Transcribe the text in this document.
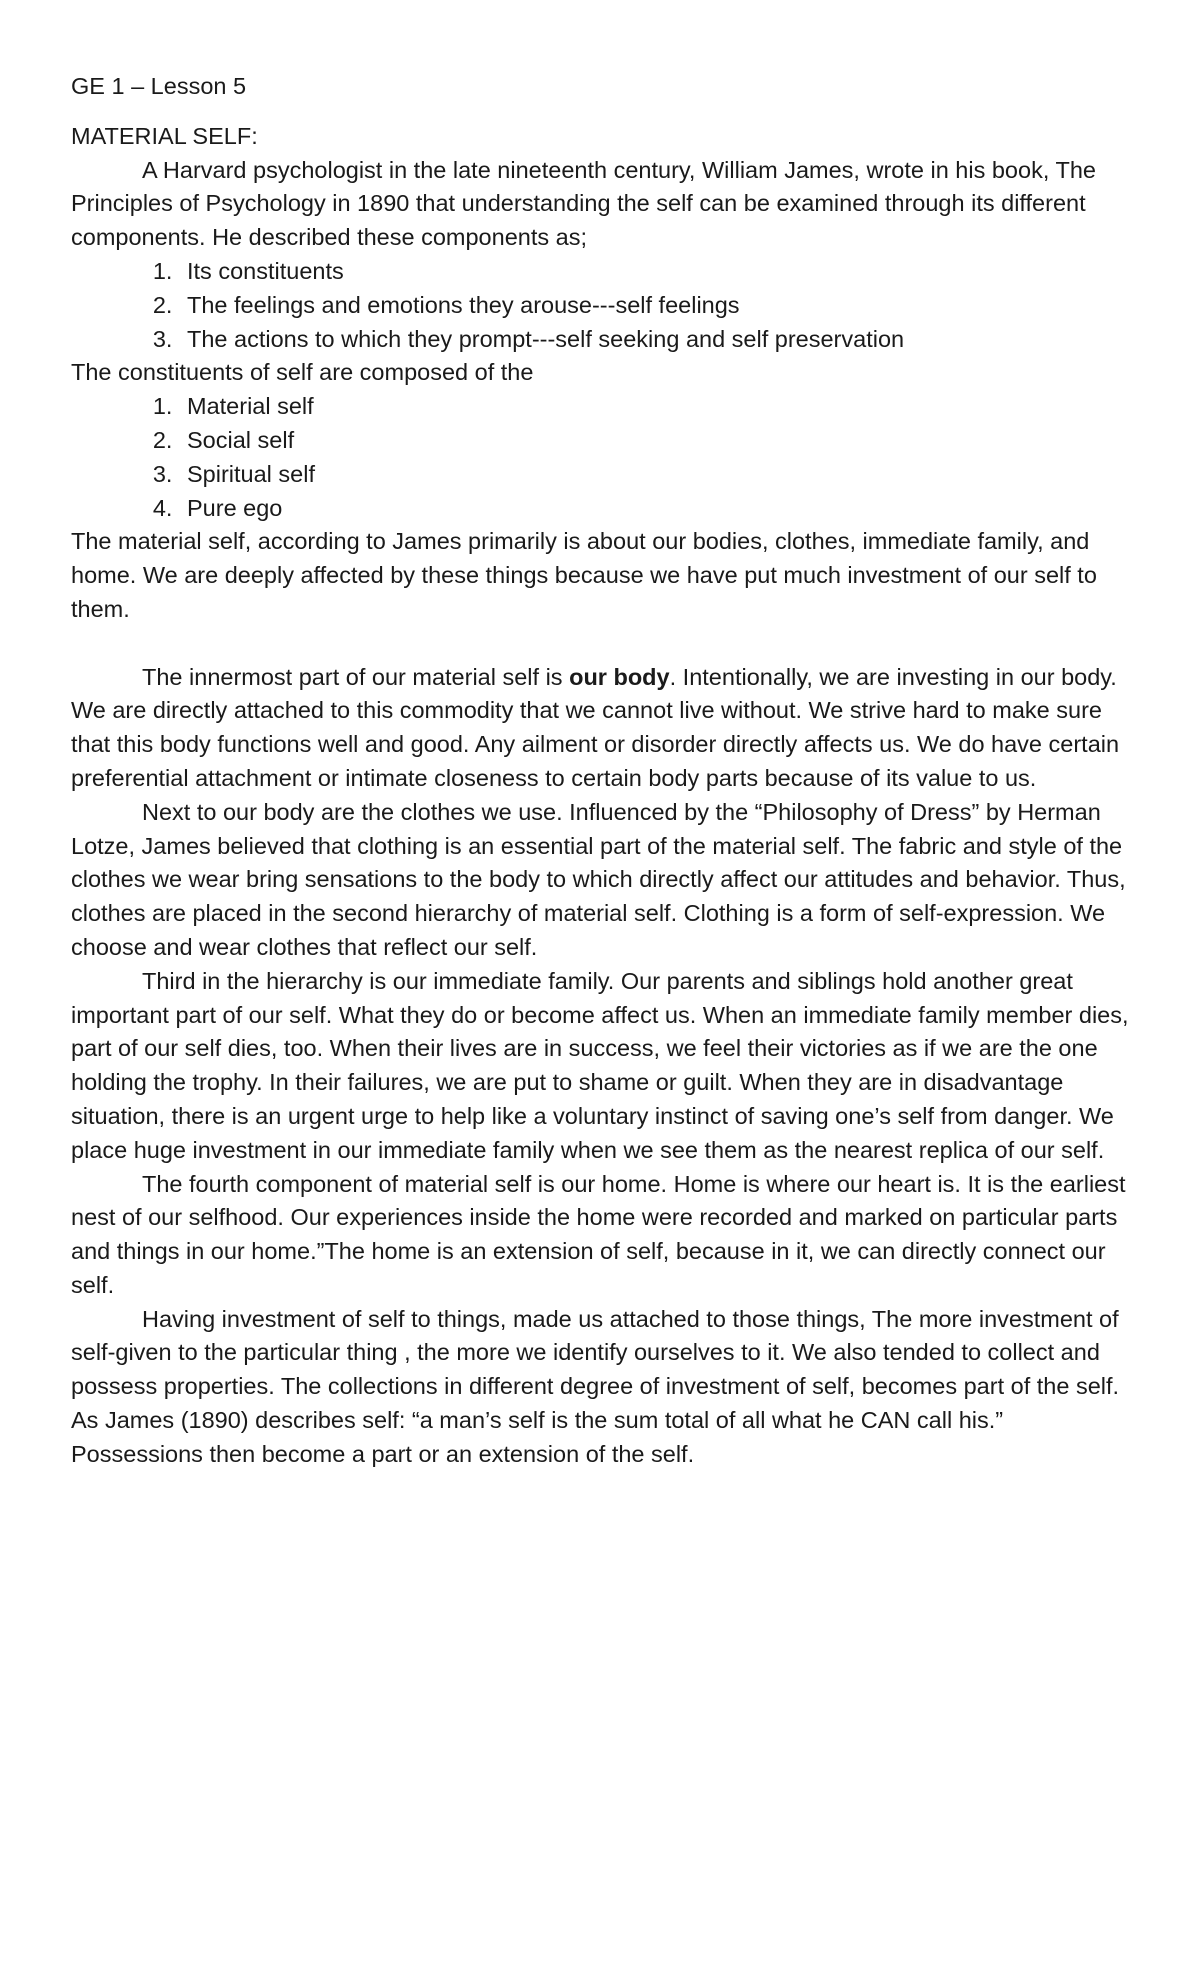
GE 1 – Lesson 5

MATERIAL SELF:

A Harvard psychologist in the late nineteenth century, William James, wrote in his book, The Principles of Psychology in 1890 that understanding the self can be examined through its different components. He described these components as;

1. Its constituents
2. The feelings and emotions they arouse---self feelings
3. The actions to which they prompt---self seeking and self preservation

The constituents of self are composed of the

1. Material self
2. Social self
3. Spiritual self
4. Pure ego

The material self, according to James primarily is about our bodies, clothes, immediate family, and home. We are deeply affected by these things because we have put much investment of our self to them.

The innermost part of our material self is our body. Intentionally, we are investing in our body. We are directly attached to this commodity that we cannot live without. We strive hard to make sure that this body functions well and good. Any ailment or disorder directly affects us. We do have certain preferential attachment or intimate closeness to certain body parts because of its value to us.

Next to our body are the clothes we use. Influenced by the “Philosophy of Dress” by Herman Lotze, James believed that clothing is an essential part of the material self. The fabric and style of the clothes we wear bring sensations to the body to which directly affect our attitudes and behavior. Thus, clothes are placed in the second hierarchy of material self. Clothing is a form of self-expression. We choose and wear clothes that reflect our self.

Third in the hierarchy is our immediate family. Our parents and siblings hold another great important part of our self. What they do or become affect us. When an immediate family member dies, part of our self dies, too. When their lives are in success, we feel their victories as if we are the one holding the trophy. In their failures, we are put to shame or guilt. When they are in disadvantage situation, there is an urgent urge to help like a voluntary instinct of saving one’s self from danger. We place huge investment in our immediate family when we see them as the nearest replica of our self.

The fourth component of material self is our home. Home is where our heart is. It is the earliest nest of our selfhood. Our experiences inside the home were recorded and marked on particular parts and things in our home.”The home is an extension of self, because in it, we can directly connect our self.

Having investment of self to things, made us attached to those things, The more investment of self-given to the particular thing , the more we identify ourselves to it. We also tended to collect and possess properties. The collections in different degree of investment of self, becomes part of the self. As James (1890) describes self: “a man’s self is the sum total of all what he CAN call his.” Possessions then become a part or an extension of the self.
